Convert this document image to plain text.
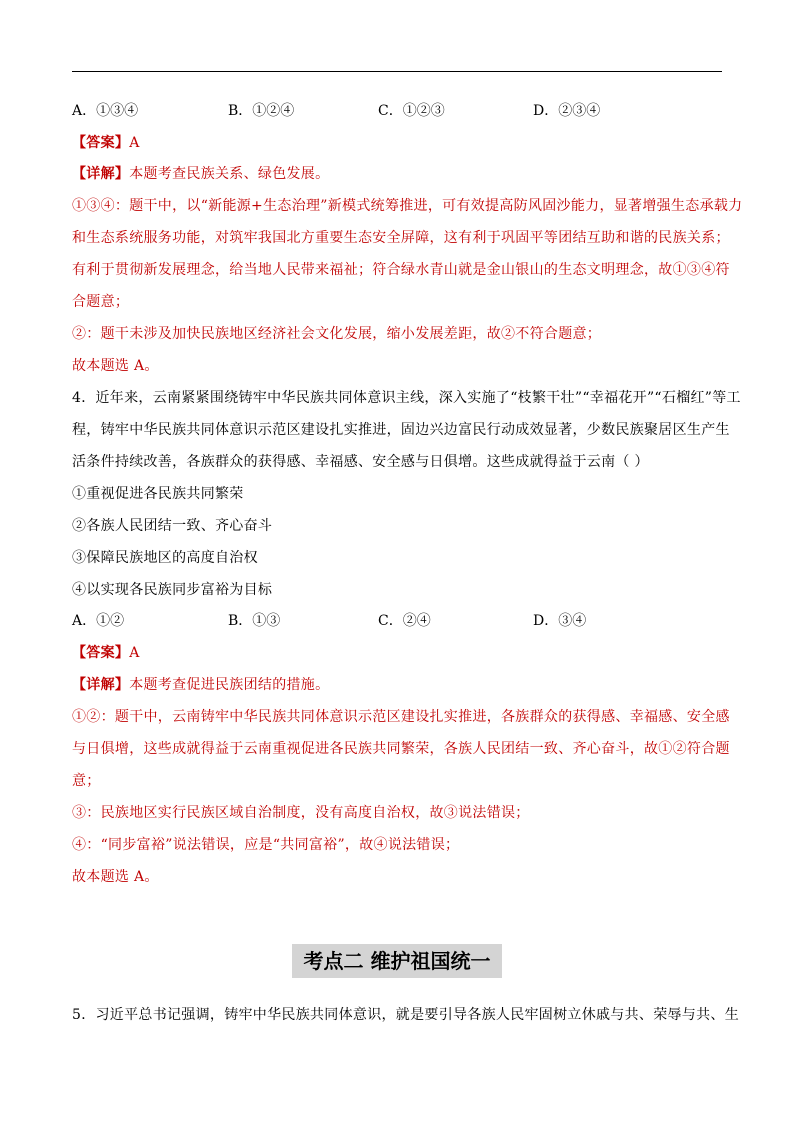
A．①③④	B．①②④	C．①②③	D．②③④
【答案】A
【详解】本题考查民族关系、绿色发展。
①③④：题干中，以“新能源+生态治理”新模式统筹推进，可有效提高防风固沙能力，显著增强生态承载力
和生态系统服务功能，对筑牢我国北方重要生态安全屏障，这有利于巩固平等团结互助和谐的民族关系；
有利于贯彻新发展理念，给当地人民带来福祉；符合绿水青山就是金山银山的生态文明理念，故①③④符
合题意；
②：题干未涉及加快民族地区经济社会文化发展，缩小发展差距，故②不符合题意；
故本题选 A。
4．近年来，云南紧紧围绕铸牢中华民族共同体意识主线，深入实施了“枝繁干壮”“幸福花开”“石榴红”等工
程，铸牢中华民族共同体意识示范区建设扎实推进，固边兴边富民行动成效显著，少数民族聚居区生产生
活条件持续改善，各族群众的获得感、幸福感、安全感与日俱增。这些成就得益于云南（ ）
①重视促进各民族共同繁荣
②各族人民团结一致、齐心奋斗
③保障民族地区的高度自治权
④以实现各民族同步富裕为目标
A．①②	B．①③	C．②④	D．③④
【答案】A
【详解】本题考查促进民族团结的措施。
①②：题干中，云南铸牢中华民族共同体意识示范区建设扎实推进，各族群众的获得感、幸福感、安全感
与日俱增，这些成就得益于云南重视促进各民族共同繁荣，各族人民团结一致、齐心奋斗，故①②符合题
意；
③：民族地区实行民族区域自治制度，没有高度自治权，故③说法错误；
④：“同步富裕”说法错误，应是“共同富裕”，故④说法错误；
故本题选 A。
考点二 维护祖国统一
5．习近平总书记强调，铸牢中华民族共同体意识，就是要引导各族人民牢固树立休戚与共、荣辱与共、生
